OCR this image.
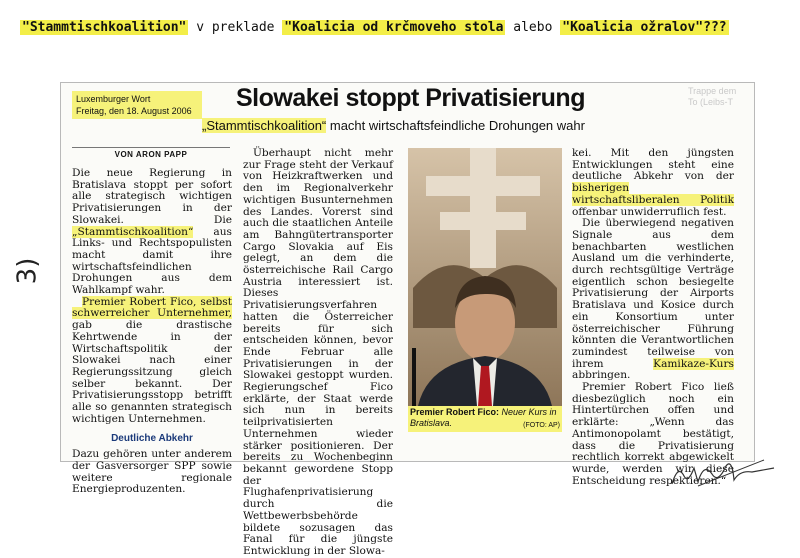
"Stammtischkoalition" v preklade "Koalicia od krčmoveho stola alebo "Koalicia ožralov"???
Luxemburger Wort
Freitag, den 18. August 2006 Slowakei stoppt Privatisierung
„Stammtischkoalition“ macht wirtschaftsfeindliche Drohungen wahr
Trappe dem To (Leibs-T
VON ARON PAPP

Die neue Regierung in Bratislava stoppt per sofort alle strategisch wichtigen Privatisierungen in der Slowakei. Die „Stammtischkoalition“ aus Links- und Rechtspopulisten macht damit ihre wirtschaftsfeindlichen Drohungen aus dem Wahlkampf wahr.

Premier Robert Fico, selbst schwerreicher Unternehmer, gab die drastische Kehrtwende in der Wirtschaftspolitik der Slowakei nach einer Regierungssitzung gleich selber bekannt. Der Privatisierungsstopp betrifft alle so genannten strategisch wichtigen Unternehmen.

Deutliche Abkehr

Dazu gehören unter anderem der Gasversorger SPP sowie weitere regionale Energieproduzenten.

Überhaupt nicht mehr zur Frage steht der Verkauf von Heizkraftwerken und den im Regionalverkehr wichtigen Busunternehmen des Landes. Vorerst sind auch die staatlichen Anteile am Bahngütertransporter Cargo Slovakia auf Eis gelegt, an dem die österreichische Rail Cargo Austria interessiert ist. Dieses Privatisierungsverfahren hatten die Österreicher bereits für sich entscheiden können, bevor Ende Februar alle Privatisierungen in der Slowakei gestoppt wurden. Regierungschef Fico erklärte, der Staat werde sich nun in bereits teilprivatisierten Unternehmen wieder stärker positionieren. Der bereits zu Wochenbeginn bekannt gewordene Stopp der Flughafenprivatisierung durch die Wettbewerbsbehörde bildete sozusagen das Fanal für die jüngste Entwicklung in der Slowa-

Premier Robert Fico: Neuer Kurs in Bratislava.	(FOTO: AP)

kei. Mit den jüngsten Entwicklungen steht eine deutliche Abkehr von der bisherigen wirtschaftsliberalen Politik offenbar unwiderruflich fest.

Die überwiegend negativen Signale aus dem benachbarten westlichen Ausland um die verhinderte, durch rechtsgültige Verträge eigentlich schon besiegelte Privatisierung der Airports Bratislava und Kosice durch ein Konsortium unter österreichischer Führung könnten die Verantwortlichen zumindest teilweise von ihrem Kamikaze-Kurs abbringen.

Premier Robert Fico ließ diesbezüglich noch ein Hintertürchen offen und erklärte: „Wenn das Antimonopolamt bestätigt, dass die Privatisierung rechtlich korrekt abgewickelt wurde, werden wir diese Entscheidung respektieren.“

3)
